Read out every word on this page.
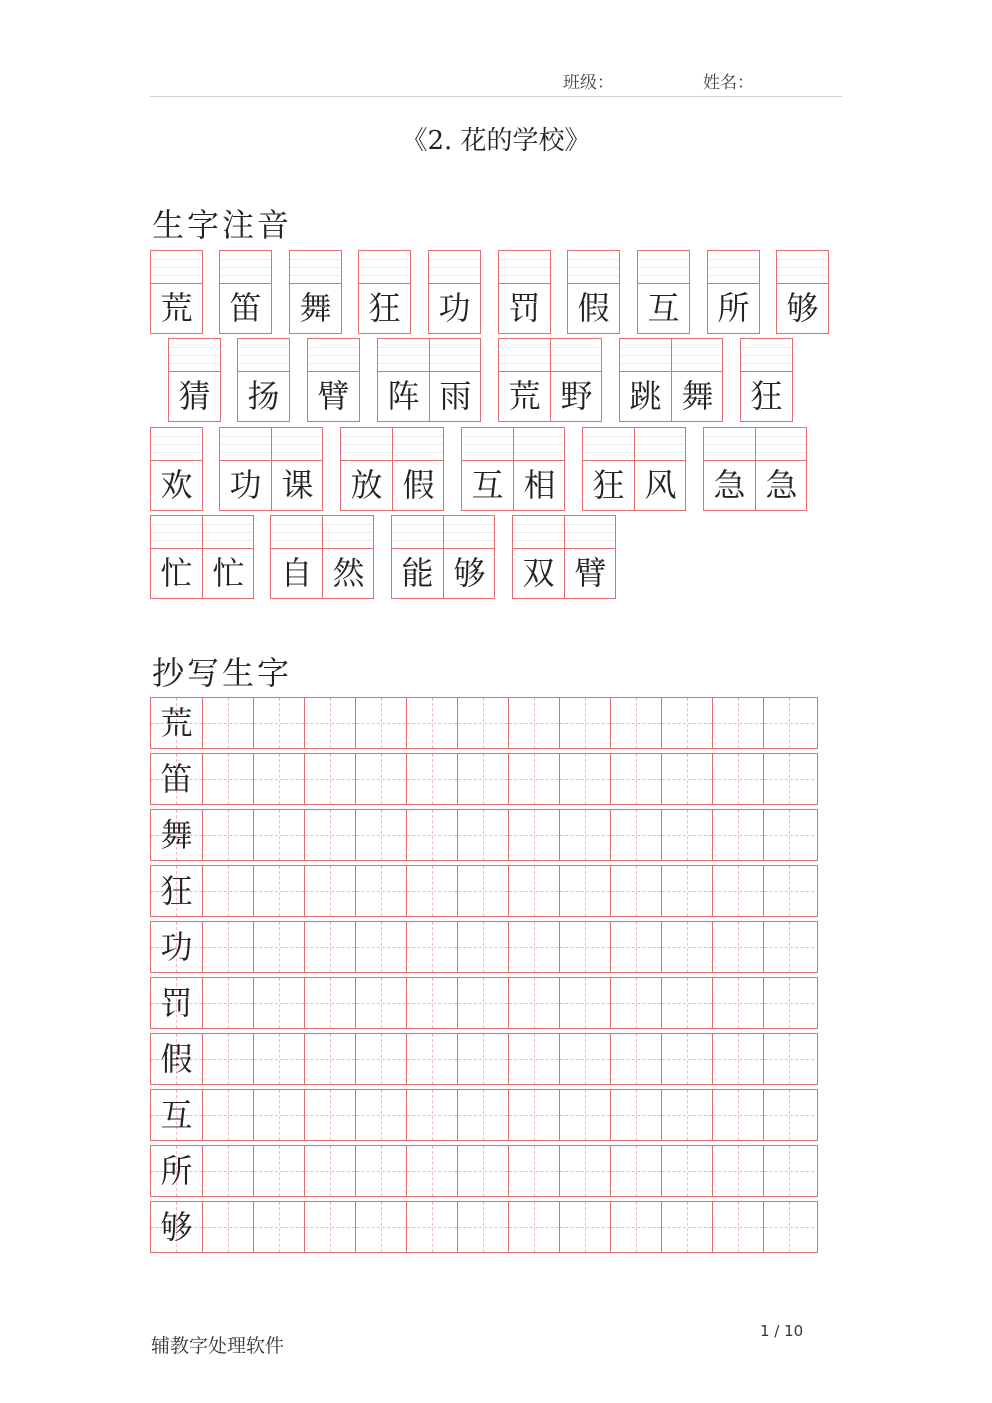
班级：	姓名：
《2. 花的学校》
生字注音
荒 笛 舞 狂 功 罚 假 互 所 够
猜 扬 臂 阵 雨 荒 野 跳 舞 狂
欢 功 课 放 假 互 相 狂 风 急 急
忙 忙 自 然 能 够 双 臂
抄写生字
荒
笛
舞
狂
功
罚
假
互
所
够
辅教字处理软件
1 / 10
